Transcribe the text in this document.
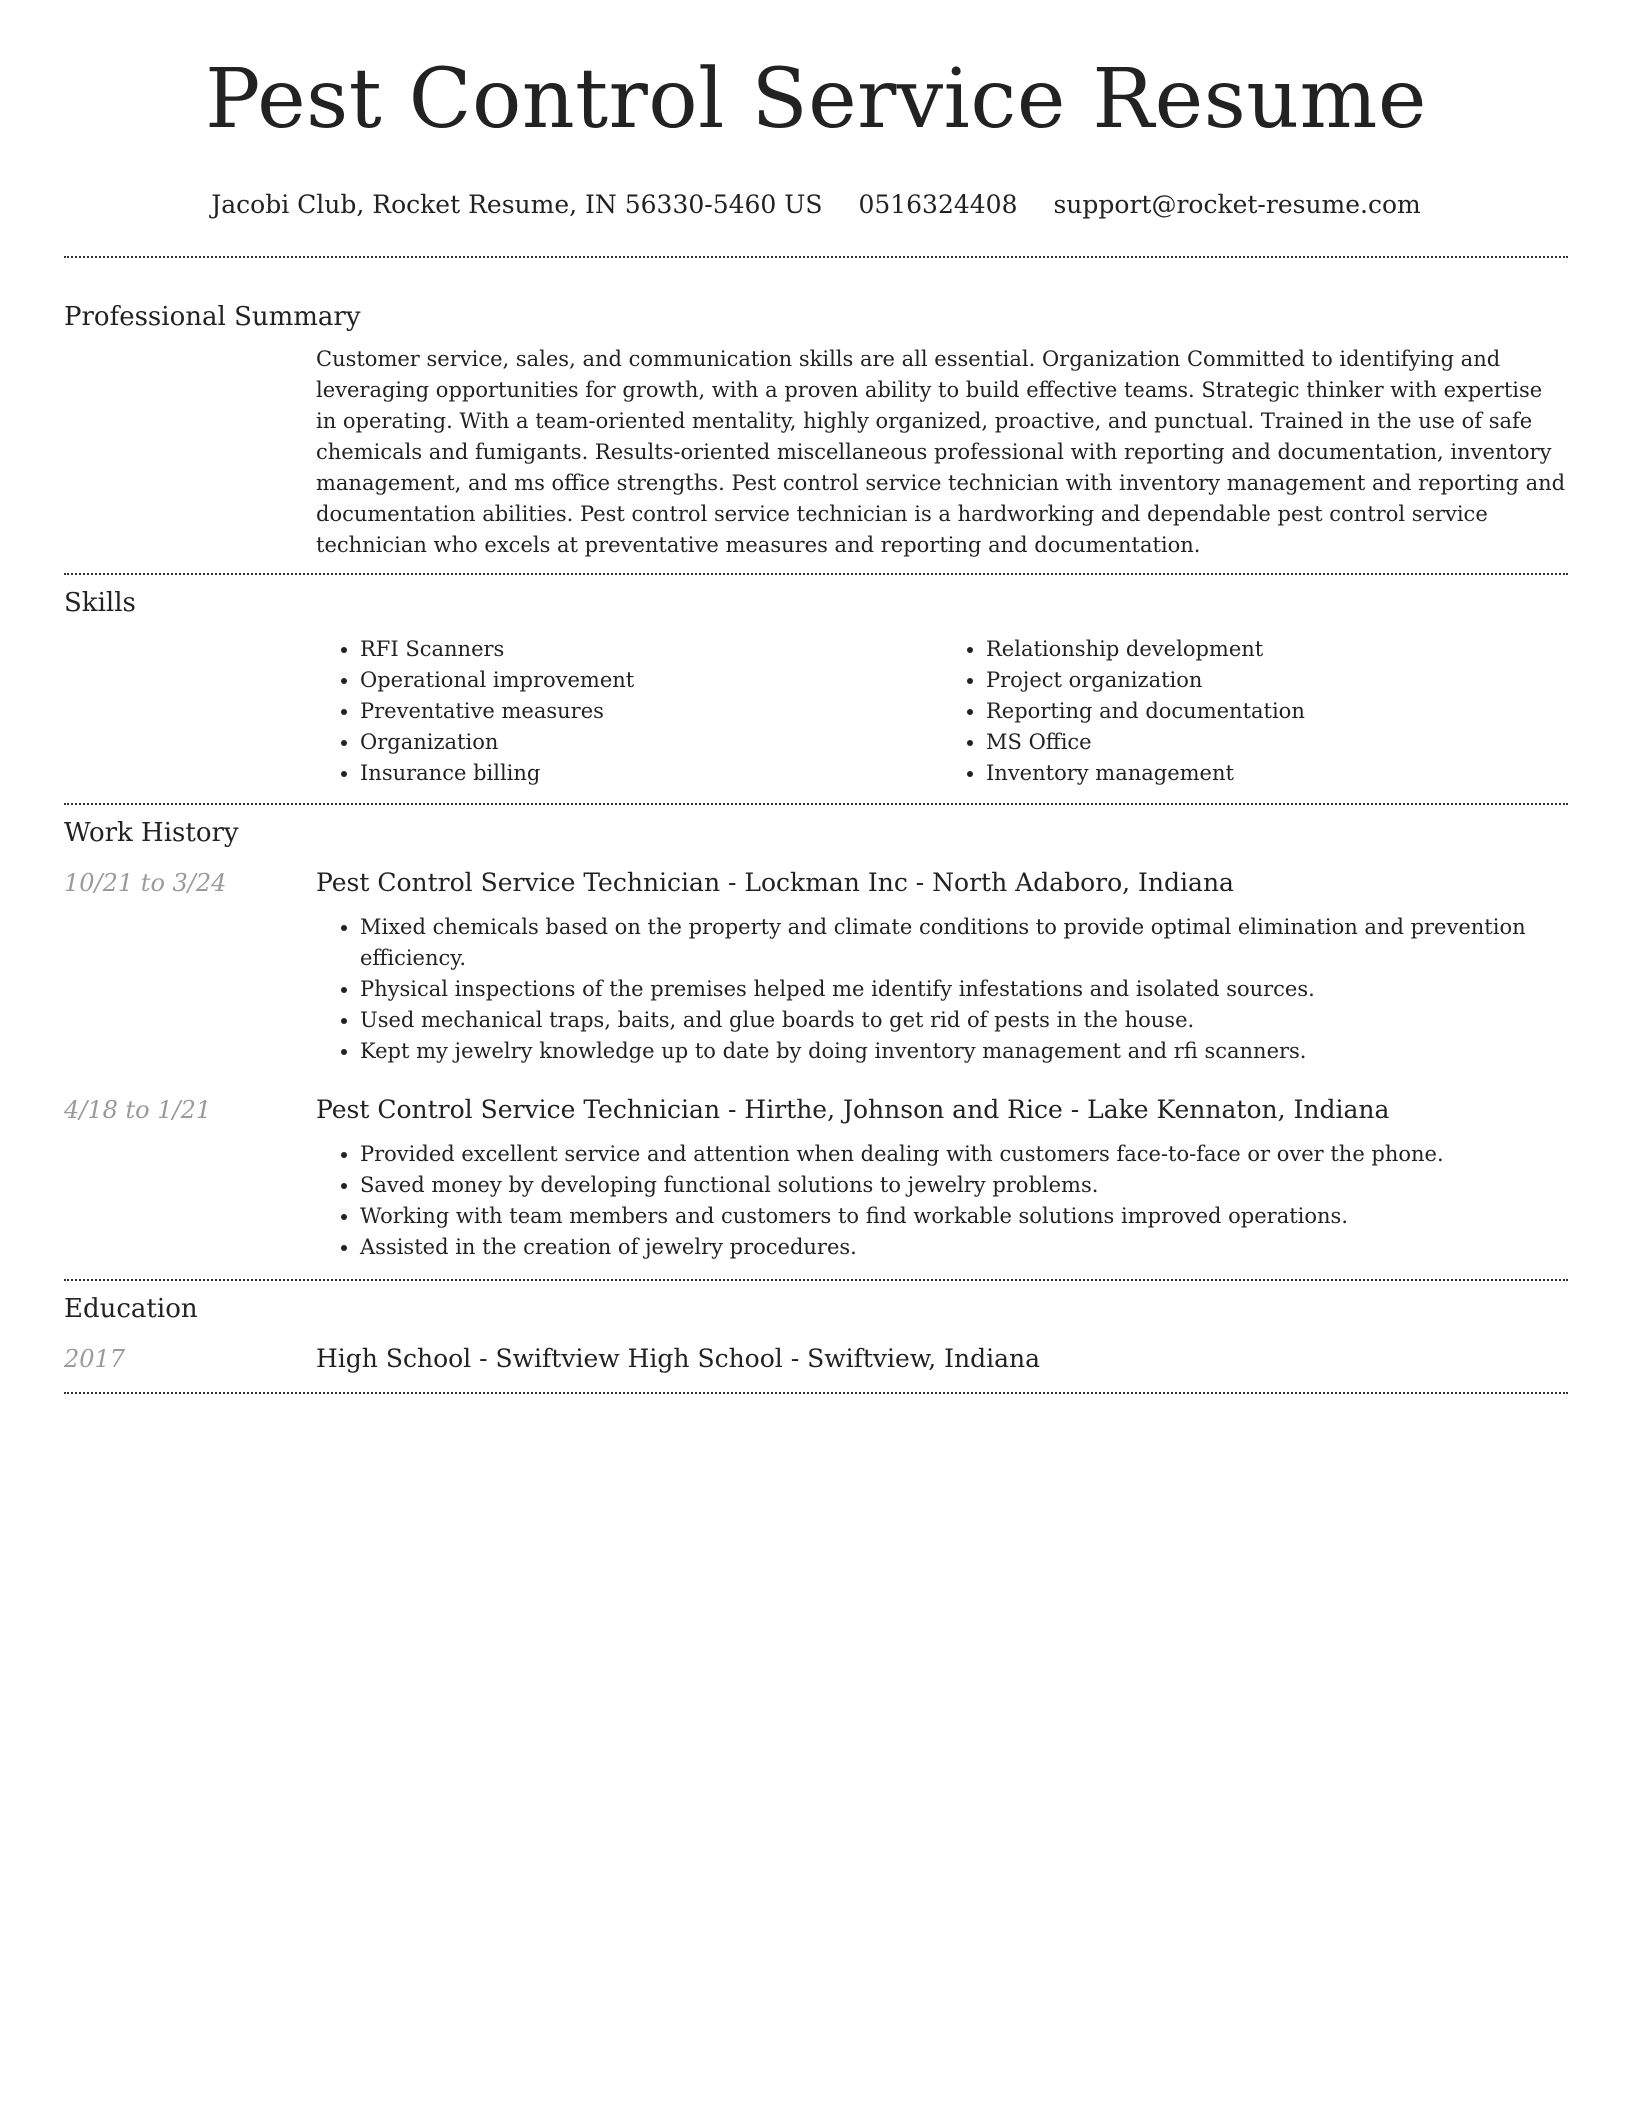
Pest Control Service Resume
Jacobi Club, Rocket Resume, IN 56330-5460 US 0516324408 support@rocket-resume.com
Professional Summary
Customer service, sales, and communication skills are all essential. Organization Committed to identifying and leveraging opportunities for growth, with a proven ability to build effective teams. Strategic thinker with expertise in operating. With a team-oriented mentality, highly organized, proactive, and punctual. Trained in the use of safe chemicals and fumigants. Results-oriented miscellaneous professional with reporting and documentation, inventory management, and ms office strengths. Pest control service technician with inventory management and reporting and documentation abilities. Pest control service technician is a hardworking and dependable pest control service technician who excels at preventative measures and reporting and documentation.
Skills
• RFI Scanners
• Operational improvement
• Preventative measures
• Organization
• Insurance billing
• Relationship development
• Project organization
• Reporting and documentation
• MS Office
• Inventory management
Work History
10/21 to 3/24	Pest Control Service Technician - Lockman Inc - North Adaboro, Indiana
• Mixed chemicals based on the property and climate conditions to provide optimal elimination and prevention efficiency.
• Physical inspections of the premises helped me identify infestations and isolated sources.
• Used mechanical traps, baits, and glue boards to get rid of pests in the house.
• Kept my jewelry knowledge up to date by doing inventory management and rfi scanners.
4/18 to 1/21	Pest Control Service Technician - Hirthe, Johnson and Rice - Lake Kennaton, Indiana
• Provided excellent service and attention when dealing with customers face-to-face or over the phone.
• Saved money by developing functional solutions to jewelry problems.
• Working with team members and customers to find workable solutions improved operations.
• Assisted in the creation of jewelry procedures.
Education
2017	High School - Swiftview High School - Swiftview, Indiana
